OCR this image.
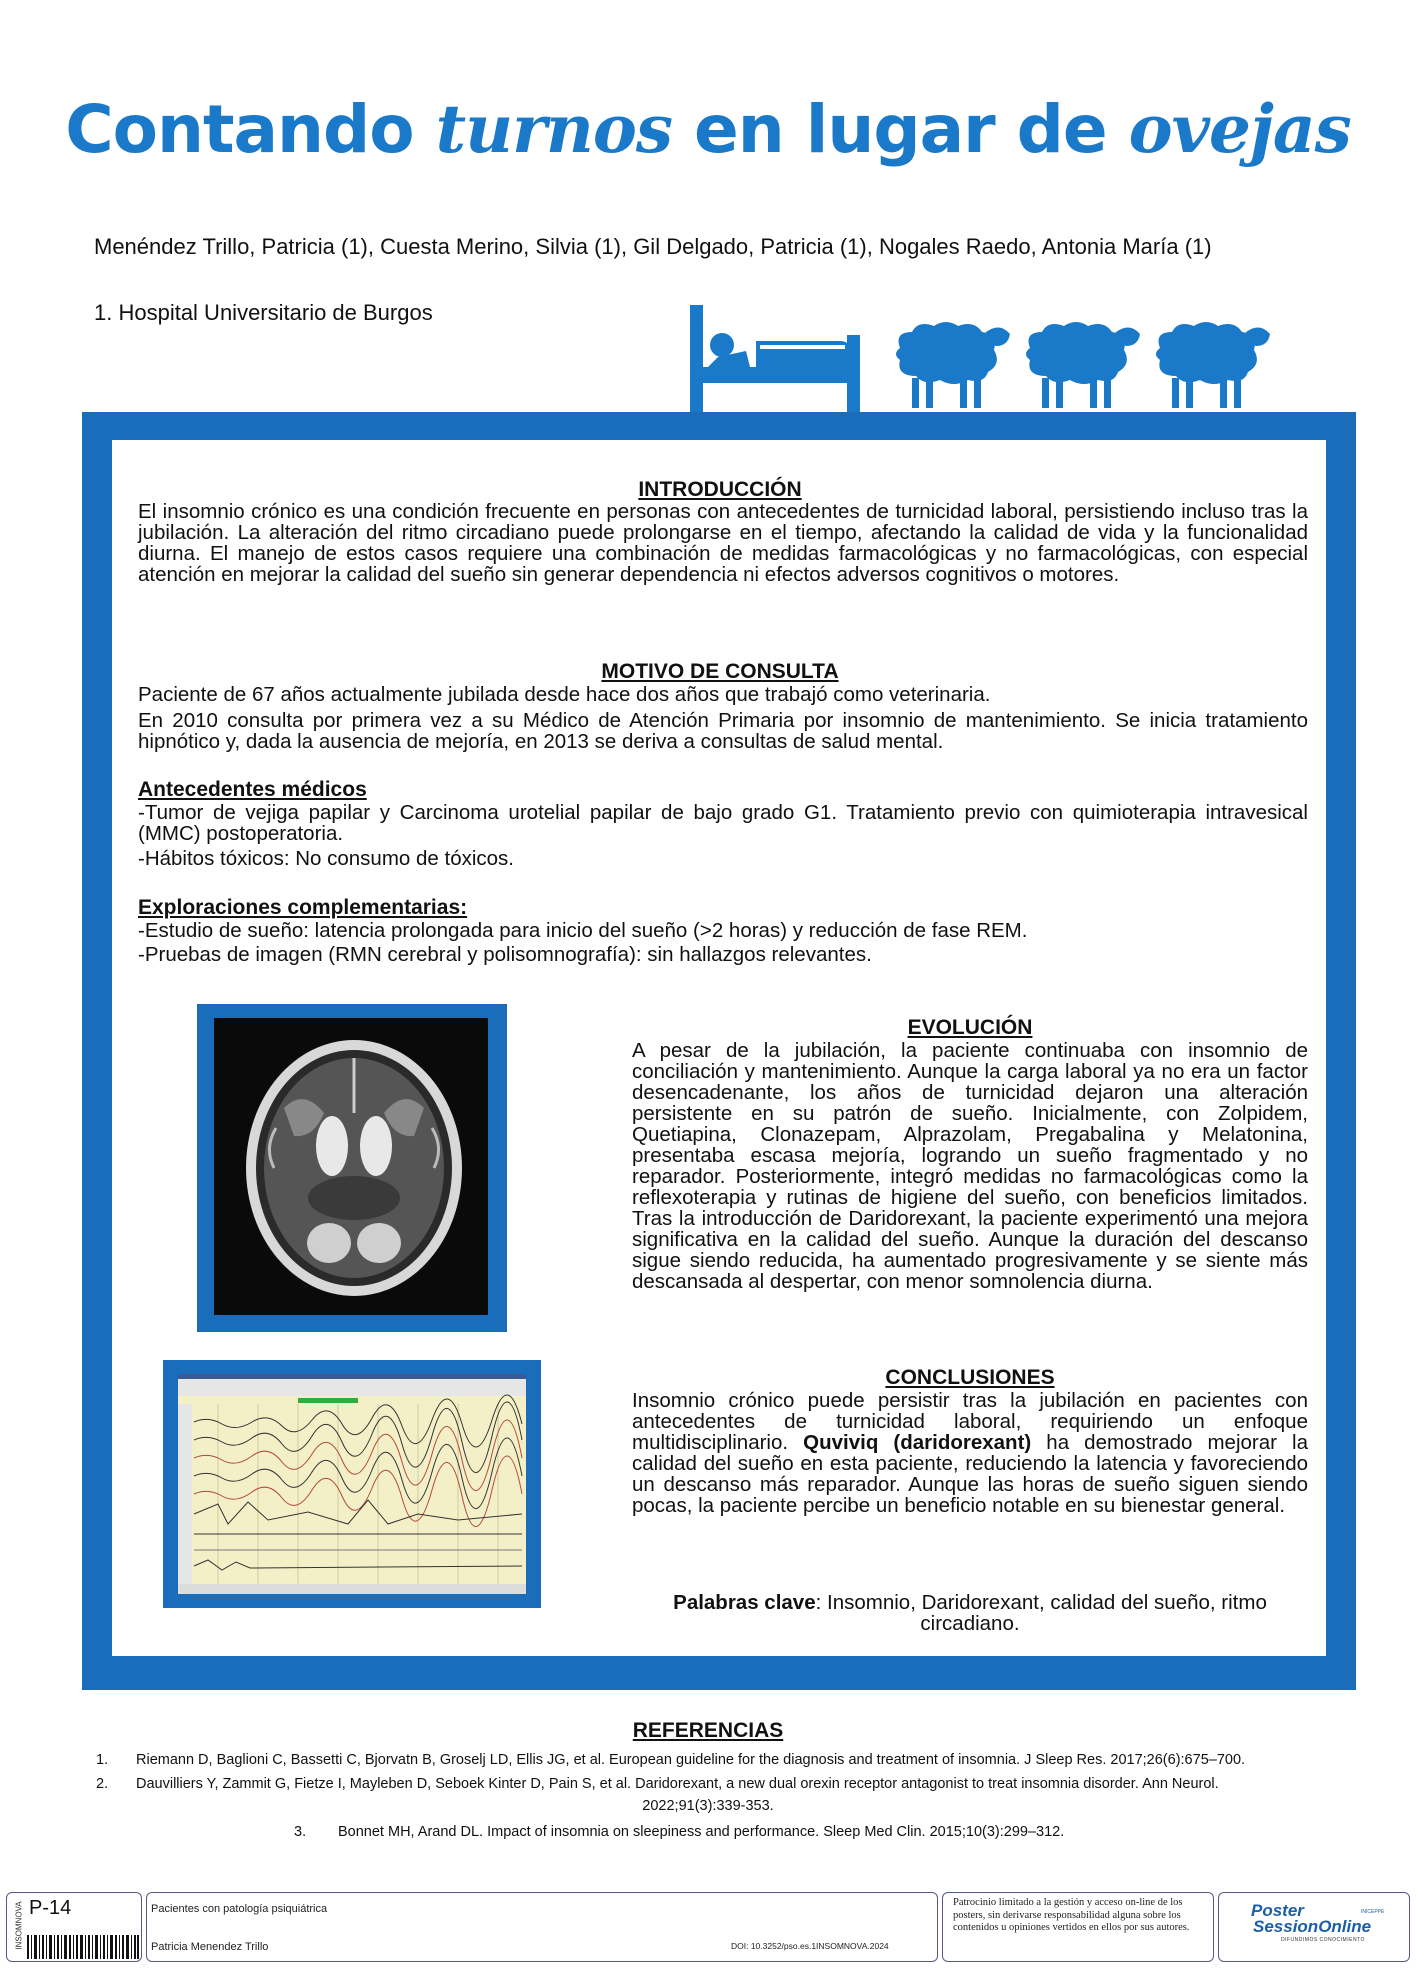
Contando turnos en lugar de ovejas
Menéndez Trillo, Patricia (1), Cuesta Merino, Silvia (1), Gil Delgado, Patricia (1), Nogales Raedo, Antonia María (1)
1. Hospital Universitario de Burgos
INTRODUCCIÓN
El insomnio crónico es una condición frecuente en personas con antecedentes de turnicidad laboral, persistiendo incluso tras la jubilación. La alteración del ritmo circadiano puede prolongarse en el tiempo, afectando la calidad de vida y la funcionalidad diurna. El manejo de estos casos requiere una combinación de medidas farmacológicas y no farmacológicas, con especial atención en mejorar la calidad del sueño sin generar dependencia ni efectos adversos cognitivos o motores.
MOTIVO DE CONSULTA
Paciente de 67 años actualmente jubilada desde hace dos años que trabajó como veterinaria.
En 2010 consulta por primera vez a su Médico de Atención Primaria por insomnio de mantenimiento. Se inicia tratamiento hipnótico y, dada la ausencia de mejoría, en 2013 se deriva a consultas de salud mental.
Antecedentes médicos
-Tumor de vejiga papilar y Carcinoma urotelial papilar de bajo grado G1. Tratamiento previo con quimioterapia intravesical (MMC) postoperatoria.
-Hábitos tóxicos: No consumo de tóxicos.
Exploraciones complementarias:
-Estudio de sueño: latencia prolongada para inicio del sueño (>2 horas) y reducción de fase REM.
-Pruebas de imagen (RMN cerebral y polisomnografía): sin hallazgos relevantes.
EVOLUCIÓN
A pesar de la jubilación, la paciente continuaba con insomnio de conciliación y mantenimiento. Aunque la carga laboral ya no era un factor desencadenante, los años de turnicidad dejaron una alteración persistente en su patrón de sueño. Inicialmente, con Zolpidem, Quetiapina, Clonazepam, Alprazolam, Pregabalina y Melatonina, presentaba escasa mejoría, logrando un sueño fragmentado y no reparador. Posteriormente, integró medidas no farmacológicas como la reflexoterapia y rutinas de higiene del sueño, con beneficios limitados. Tras la introducción de Daridorexant, la paciente experimentó una mejora significativa en la calidad del sueño. Aunque la duración del descanso sigue siendo reducida, ha aumentado progresivamente y se siente más descansada al despertar, con menor somnolencia diurna.
CONCLUSIONES
Insomnio crónico puede persistir tras la jubilación en pacientes con antecedentes de turnicidad laboral, requiriendo un enfoque multidisciplinario. Quviviq (daridorexant) ha demostrado mejorar la calidad del sueño en esta paciente, reduciendo la latencia y favoreciendo un descanso más reparador. Aunque las horas de sueño siguen siendo pocas, la paciente percibe un beneficio notable en su bienestar general.
Palabras clave: Insomnio, Daridorexant, calidad del sueño, ritmo circadiano.
REFERENCIAS
1. Riemann D, Baglioni C, Bassetti C, Bjorvatn B, Groselj LD, Ellis JG, et al. European guideline for the diagnosis and treatment of insomnia. J Sleep Res. 2017;26(6):675–700.
2. Dauvilliers Y, Zammit G, Fietze I, Mayleben D, Seboek Kinter D, Pain S, et al. Daridorexant, a new dual orexin receptor antagonist to treat insomnia disorder. Ann Neurol.
2022;91(3):339-353.
3. Bonnet MH, Arand DL. Impact of insomnia on sleepiness and performance. Sleep Med Clin. 2015;10(3):299–312.
INSOMNOVA P-14	Pacientes con patología psiquiátrica
Patricia Menendez Trillo	DOI: 10.3252/pso.es.1INSOMNOVA.2024
Patrocinio limitado a la gestión y acceso on-line de los posters, sin derivarse responsabilidad alguna sobre los contenidos u opiniones vertidos en ellos por sus autores.
Poster
SessionOnline
INICEPPE
DIFUNDIMOS CONOCIMIENTO
